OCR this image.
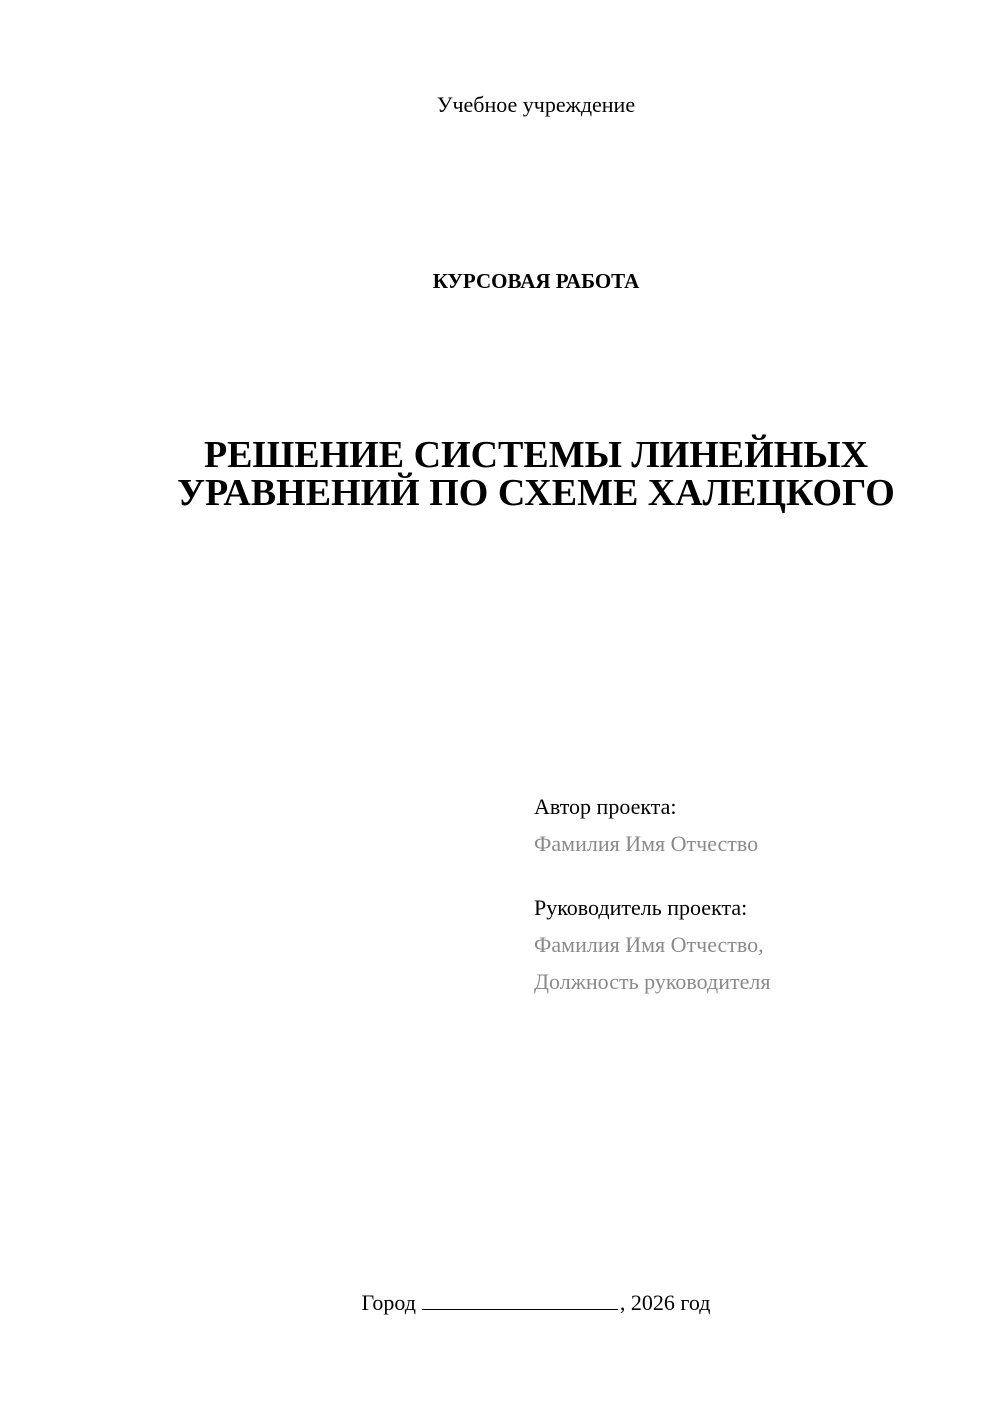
Учебное учреждение
КУРСОВАЯ РАБОТА
РЕШЕНИЕ СИСТЕМЫ ЛИНЕЙНЫХ
УРАВНЕНИЙ ПО СХЕМЕ ХАЛЕЦКОГО
Автор проекта:
Фамилия Имя Отчество
Руководитель проекта:
Фамилия Имя Отчество,
Должность руководителя
Город	, 2026 год
